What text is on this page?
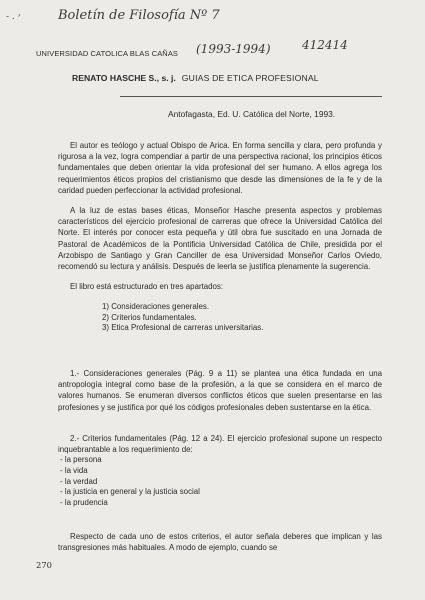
- . ˒	Boletín de Filosofía Nº 7
(1993-1994)	412414
UNIVERSIDAD CATOLICA BLAS CAÑAS
RENATO HASCHE S., s. j. GUIAS DE ETICA PROFESIONAL
Antofagasta, Ed. U. Católica del Norte, 1993.

El autor es teólogo y actual Obispo de Arica. En forma sencilla y clara, pero profunda y rigurosa a la vez, logra compendiar a partir de una perspectiva racional, los principios éticos fundamentales que deben orientar la vida profesional del ser humano. A ellos agrega los requerimientos éticos propios del cristianismo que desde las dimensiones de la fe y de la caridad pueden perfeccionar la actividad profesional.

A la luz de estas bases éticas, Monseñor Hasche presenta aspectos y problemas característicos del ejercicio profesional de carreras que ofrece la Universidad Católica del Norte. El interés por conocer esta pequeña y útil obra fue suscitado en una Jornada de Pastoral de Académicos de la Pontificia Universidad Católica de Chile, presidida por el Arzobispo de Santiago y Gran Canciller de esa Universidad Monseñor Carlos Oviedo, recomendó su lectura y análisis. Después de leerla se justifica plenamente la sugerencia.

El libro está estructurado en tres apartados:

1) Consideraciones generales.
2) Criterios fundamentales.
3) Etica Profesional de carreras universitarias.

1.- Consideraciones generales (Pág. 9 a 11) se plantea una ética fundada en una antropología integral como base de la profesión, a la que se considera en el marco de valores humanos. Se enumeran diversos conflictos éticos que suelen presentarse en las profesiones y se justifica por qué los códigos profesionales deben sustentarse en la ética.

2.- Criterios fundamentales (Pág. 12 a 24). El ejercicio profesional supone un respecto inquebrantable a los requerimiento de:

- la persona
- la vida
- la verdad
- la justicia en general y la justicia social
- la prudencia

Respecto de cada uno de estos criterios, el autor señala deberes que implican y las transgresiones más habituales. A modo de ejemplo, cuando se

270
